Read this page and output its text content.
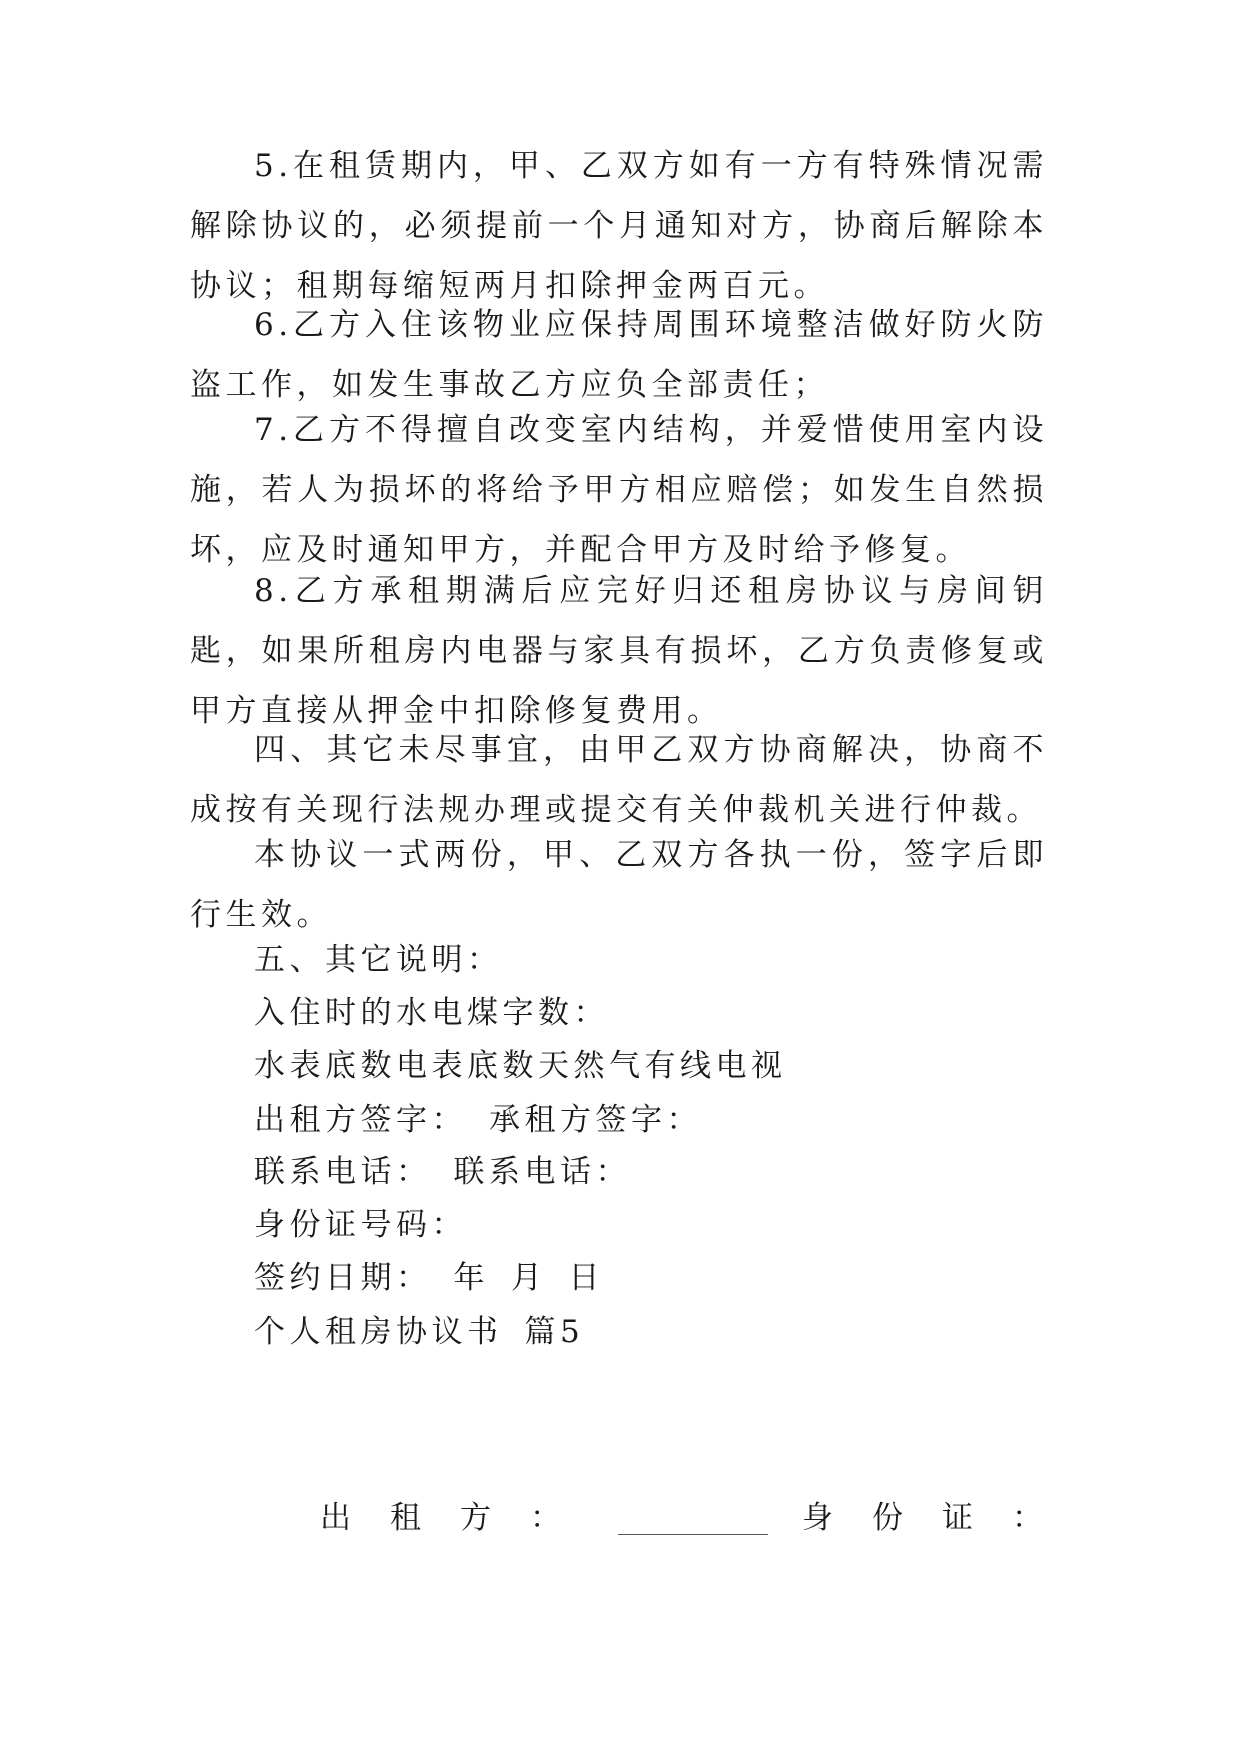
5.在租赁期内，甲、乙双方如有一方有特殊情况需解除协议的，必须提前一个月通知对方，协商后解除本协议；租期每缩短两月扣除押金两百元。

6.乙方入住该物业应保持周围环境整洁做好防火防盗工作，如发生事故乙方应负全部责任；

7.乙方不得擅自改变室内结构，并爱惜使用室内设施，若人为损坏的将给予甲方相应赔偿；如发生自然损坏，应及时通知甲方，并配合甲方及时给予修复。

8.乙方承租期满后应完好归还租房协议与房间钥匙，如果所租房内电器与家具有损坏，乙方负责修复或甲方直接从押金中扣除修复费用。

四、其它未尽事宜，由甲乙双方协商解决，协商不成按有关现行法规办理或提交有关仲裁机关进行仲裁。

本协议一式两份，甲、乙双方各执一份，签字后即行生效。

五、其它说明：

入住时的水电煤字数：

水表底数电表底数天然气有线电视

出租方签字： 承租方签字：

联系电话： 联系电话：

身份证号码：

签约日期： 年 月 日

个人租房协议书 篇5

出租方：	身份证：
